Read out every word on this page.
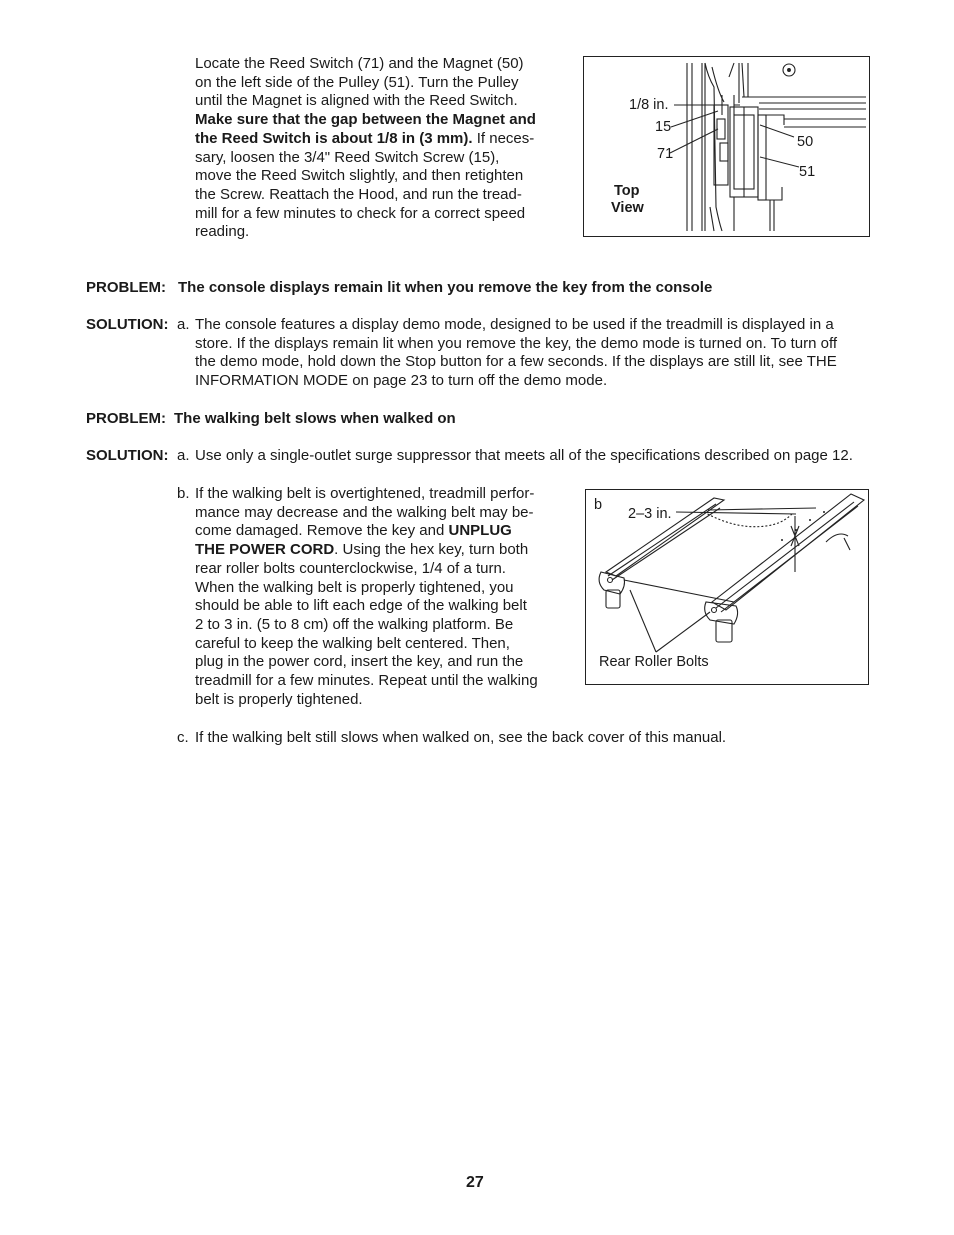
Locate the Reed Switch (71) and the Magnet (50)
on the left side of the Pulley (51). Turn the Pulley
until the Magnet is aligned with the Reed Switch.
Make sure that the gap between the Magnet and
the Reed Switch is about 1/8 in (3 mm). If neces-
sary, loosen the 3/4" Reed Switch Screw (15),
move the Reed Switch slightly, and then retighten
the Screw. Reattach the Hood, and run the tread-
mill for a few minutes to check for a correct speed
reading.
1/8 in.
15
71
50
51
Top
View
PROBLEM: The console displays remain lit when you remove the key from the console
SOLUTION: a. The console features a display demo mode, designed to be used if the treadmill is displayed in a
store. If the displays remain lit when you remove the key, the demo mode is turned on. To turn off
the demo mode, hold down the Stop button for a few seconds. If the displays are still lit, see THE
INFORMATION MODE on page 23 to turn off the demo mode.
PROBLEM: The walking belt slows when walked on
SOLUTION: a. Use only a single-outlet surge suppressor that meets all of the specifications described on page 12.
b. If the walking belt is overtightened, treadmill perfor-
mance may decrease and the walking belt may be-
come damaged. Remove the key and UNPLUG
THE POWER CORD. Using the hex key, turn both
rear roller bolts counterclockwise, 1/4 of a turn.
When the walking belt is properly tightened, you
should be able to lift each edge of the walking belt
2 to 3 in. (5 to 8 cm) off the walking platform. Be
careful to keep the walking belt centered. Then,
plug in the power cord, insert the key, and run the
treadmill for a few minutes. Repeat until the walking
belt is properly tightened.
b
2–3 in.
Rear Roller Bolts
c. If the walking belt still slows when walked on, see the back cover of this manual.
27
